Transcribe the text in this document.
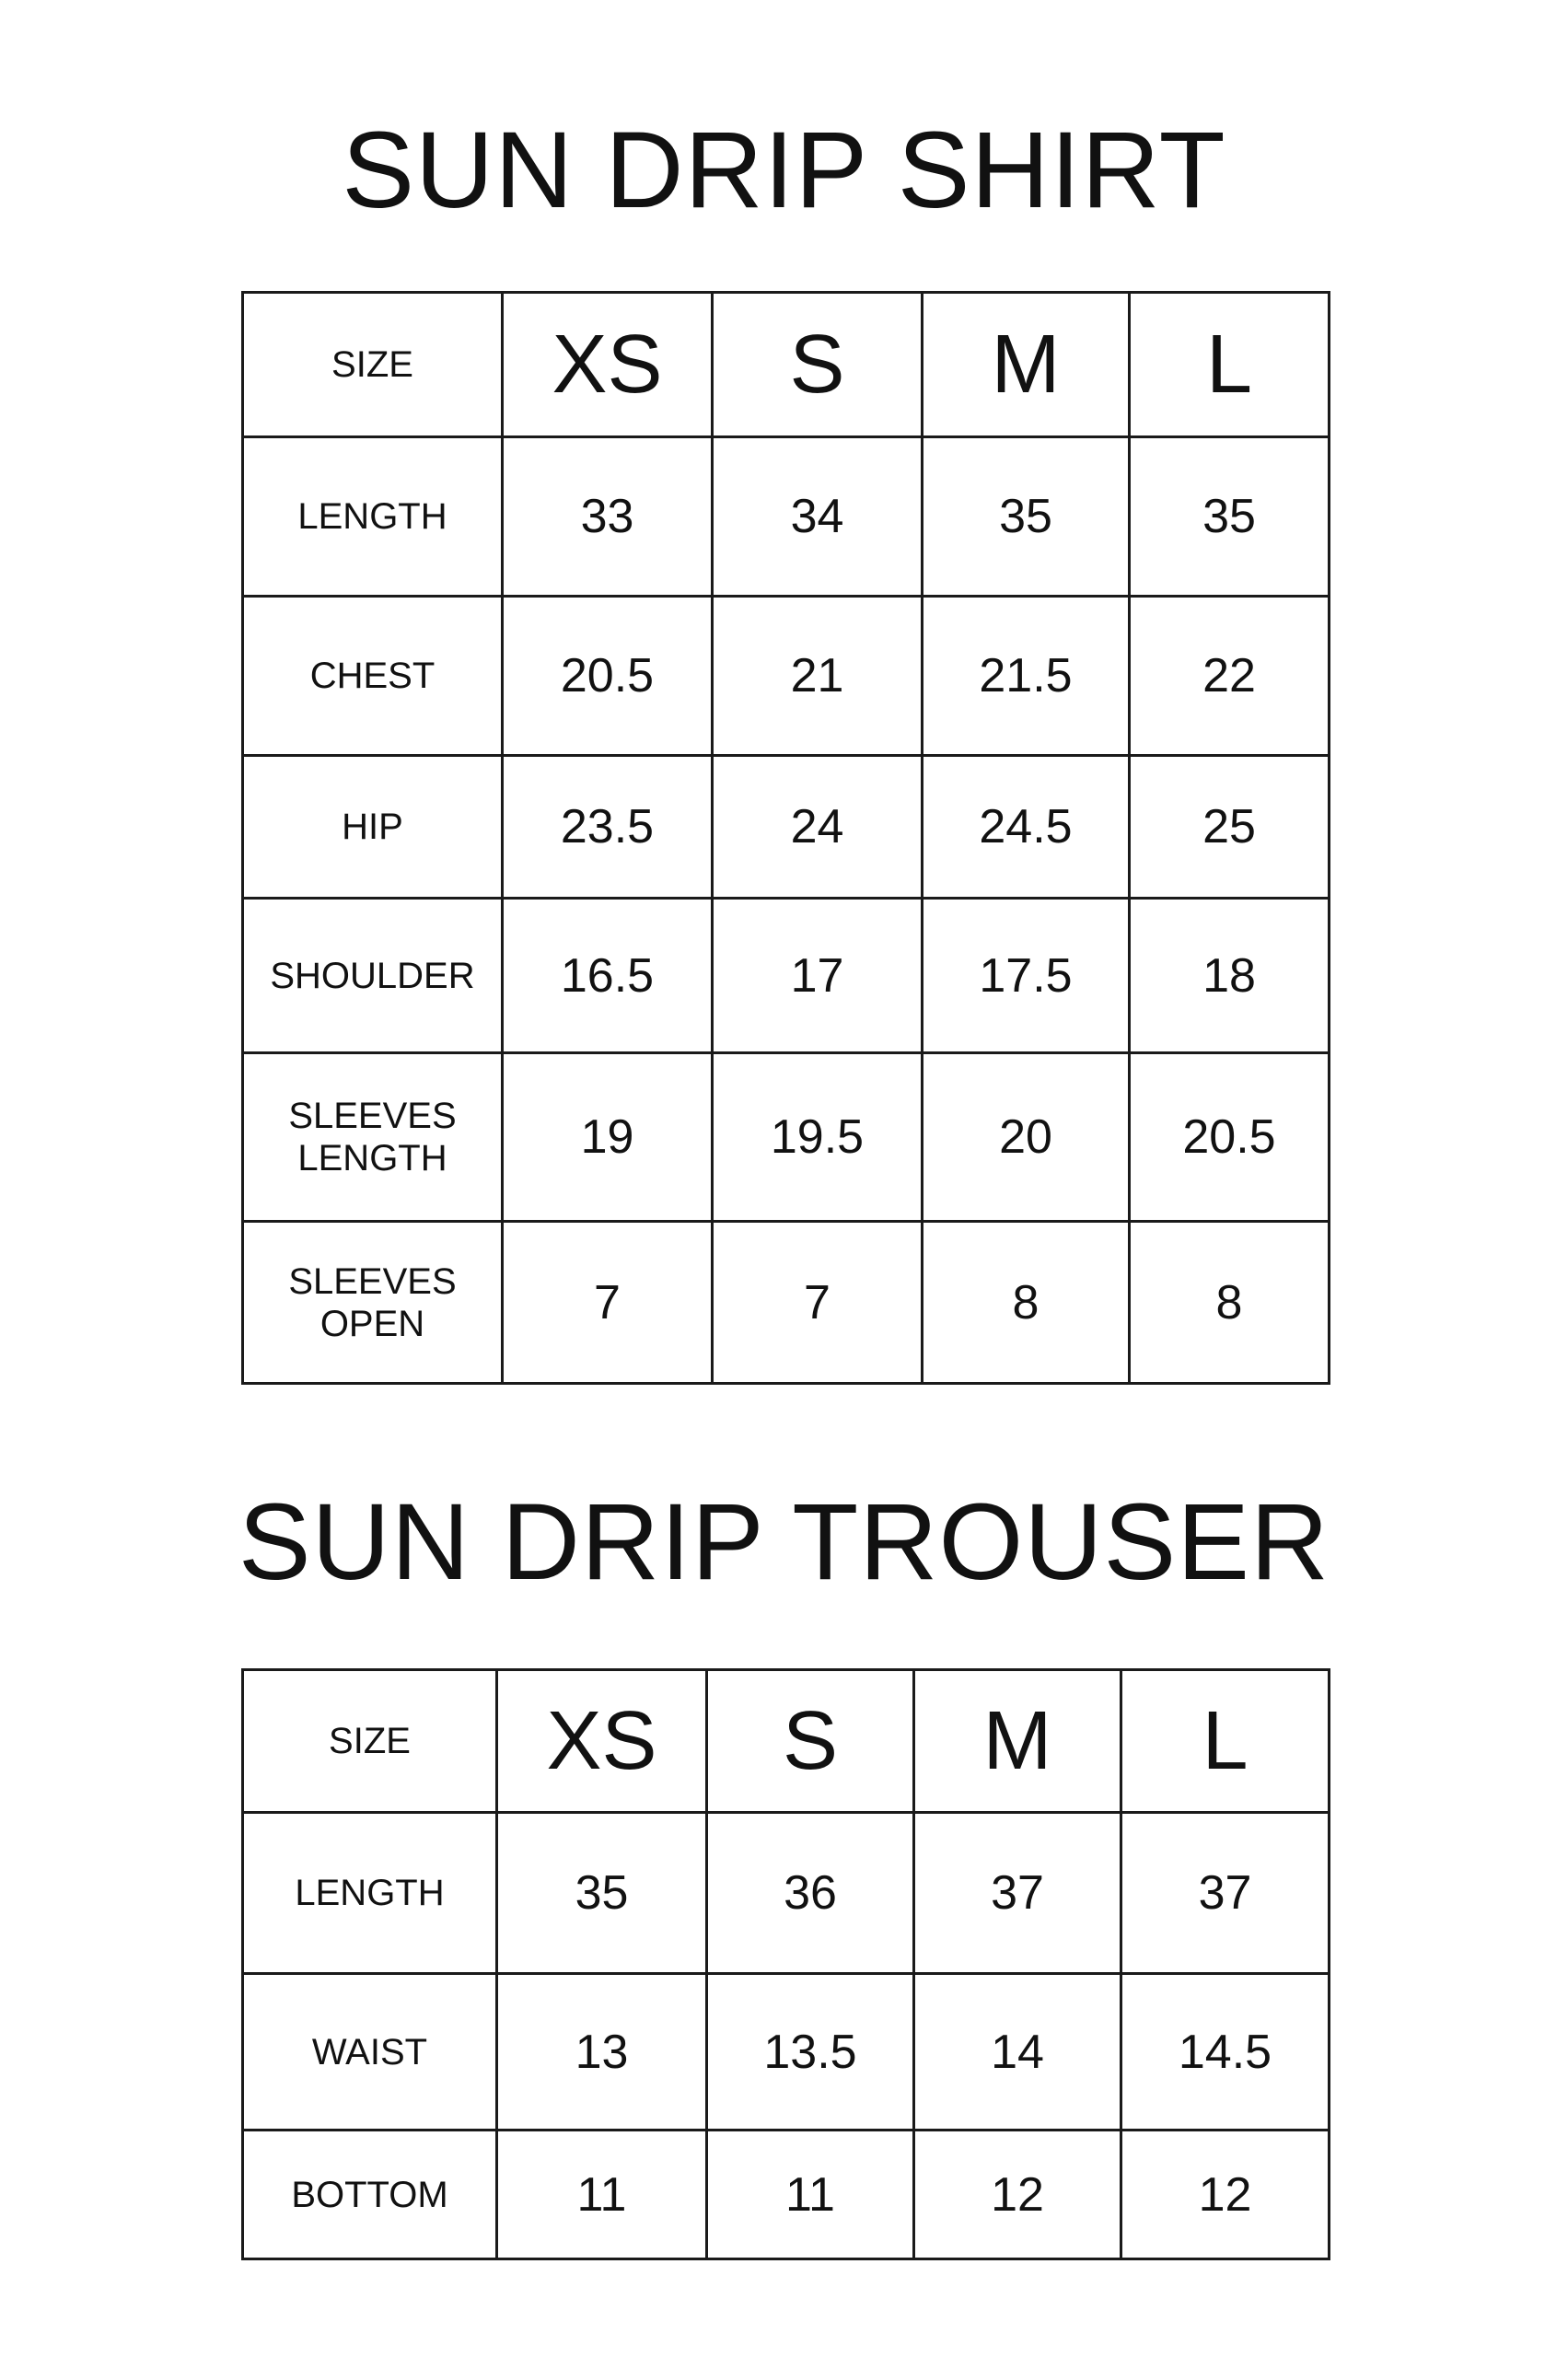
SUN DRIP SHIRT
SIZE	XS	S	M	L
LENGTH	33	34	35	35
CHEST	20.5	21	21.5	22
HIP	23.5	24	24.5	25
SHOULDER	16.5	17	17.5	18
SLEEVES
LENGTH	19	19.5	20	20.5
SLEEVES
OPEN	7	7	8	8
SUN DRIP TROUSER
SIZE	XS	S	M	L
LENGTH	35	36	37	37
WAIST	13	13.5	14	14.5
BOTTOM	11	11	12	12
